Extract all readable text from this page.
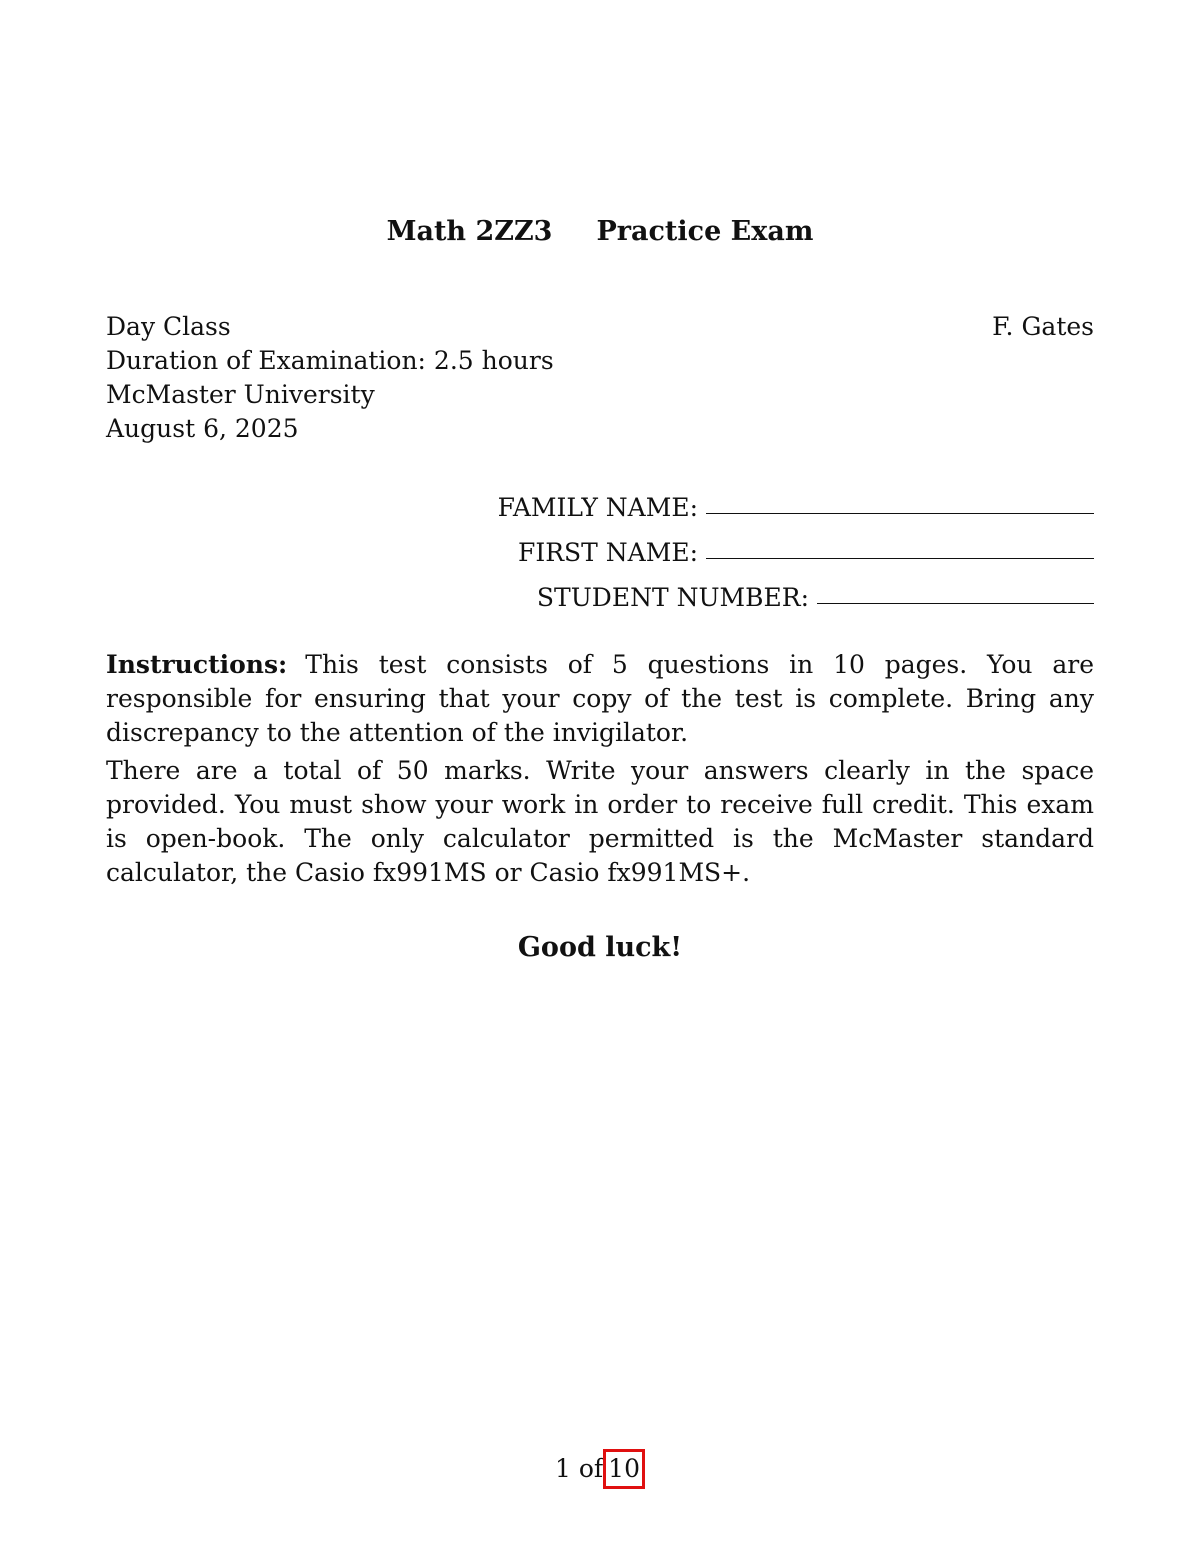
Math 2ZZ3 Practice Exam
Day Class
Duration of Examination: 2.5 hours
McMaster University
August 6, 2025
F. Gates
FAMILY NAME:
FIRST NAME:
STUDENT NUMBER:

Instructions: This test consists of 5 questions in 10 pages. You are responsible for ensuring that your copy of the test is complete. Bring any discrepancy to the attention of the invigilator.

There are a total of 50 marks. Write your answers clearly in the space provided. You must show your work in order to receive full credit. This exam is open-book. The only calculator permitted is the McMaster standard calculator, the Casio fx991MS or Casio fx991MS+.

Good luck!
1 of 10
